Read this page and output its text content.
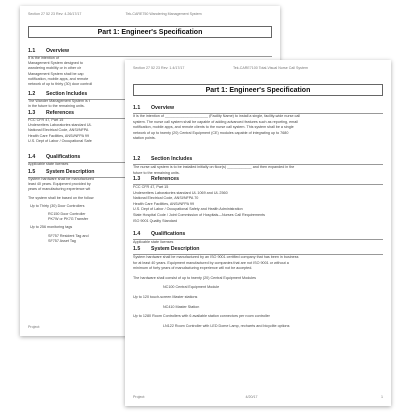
Section 27 52 23 Rev: 4.26/17/17	Tek-CARE750 Wandering Management System
Part 1: Engineer's Specification
Project:
1.1 Overview
It is the intention of
Management System designed to
wandering mobility or in other cir
Management System shall be cap
notification, mobile apps, and remote
network of up to thirty (30) door controll
1.2 Section Includes
The Wander Management System is t
in the future to the remaining units.
1.3 References
FCC CFR 47, Part 15
Underwriters Laboratories standard UL
National Electrical Code, ANSI/NFPA
Health Care Facilities, ANSI/NFPA 99
U.S. Dept of Labor / Occupational Safe
1.4 Qualifications
Applicable state licenses
1.5 System Description
System hardware shall be manufactured
least 40 years. Equipment provided by
years of manufacturing experience wit
The system shall be based on the follow
Up to Thirty (30) Door Controllers
RC150 Door Controller
PK7W or PK7G Transfer
Up to 256 monitoring tags
SF757 Resident Tag and
SF757 Asset Tag
Section 27 52 23 Rev: 1.4/17/17	Tek-CARE7100 Total-Visual Nurse Call System
Part 1: Engineer's Specification
Project:	4/20/17	1
1.1 Overview
It is the intention of _____________________ (Facility Name) to install a single, facility-wide nurse call
system. The nurse call system shall be capable of adding advanced features such as reporting, email
notification, mobile apps, and remote clients to the nurse call system. This system shall be a single
network of up to twenty (20) Central Equipment (CE) modules capable of integrating up to 7680
station points.
1.2 Section Includes
The nurse call system is to be installed initially on floor(s) ____________ and then expanded in the
future to the remaining units.
1.3 References
FCC CFR 47, Part 15
Underwriters Laboratories standard UL 1069 and UL 2560
National Electrical Code, ANSI/NFPA 70
Health Care Facilities, ANSI/NFPA 99
U.S. Dept of Labor / Occupational Safety and Health Administration
State Hospital Code / Joint Commission of Hospitals—Nurses Call Requirements
ISO 9001 Quality Standard
1.4 Qualifications
Applicable state licenses
1.5 System Description
System hardware shall be manufactured by an ISO 9001 certified company that has been in business
for at least 40 years. Equipment manufactured by companies that are not ISO 9001 or without a
minimum of forty years of manufacturing experience will not be accepted.
The hardware shall consist of up to twenty (20) Central Equipment Modules
NC100 Central Equipment Module
Up to 120 touch-screen Master stations
NC410 Master Station
Up to 1280 Room Controllers with 6 available station connectors per room controller
LN122 Room Controller with LED Dome Lamp, recharrts and bicyclite options
